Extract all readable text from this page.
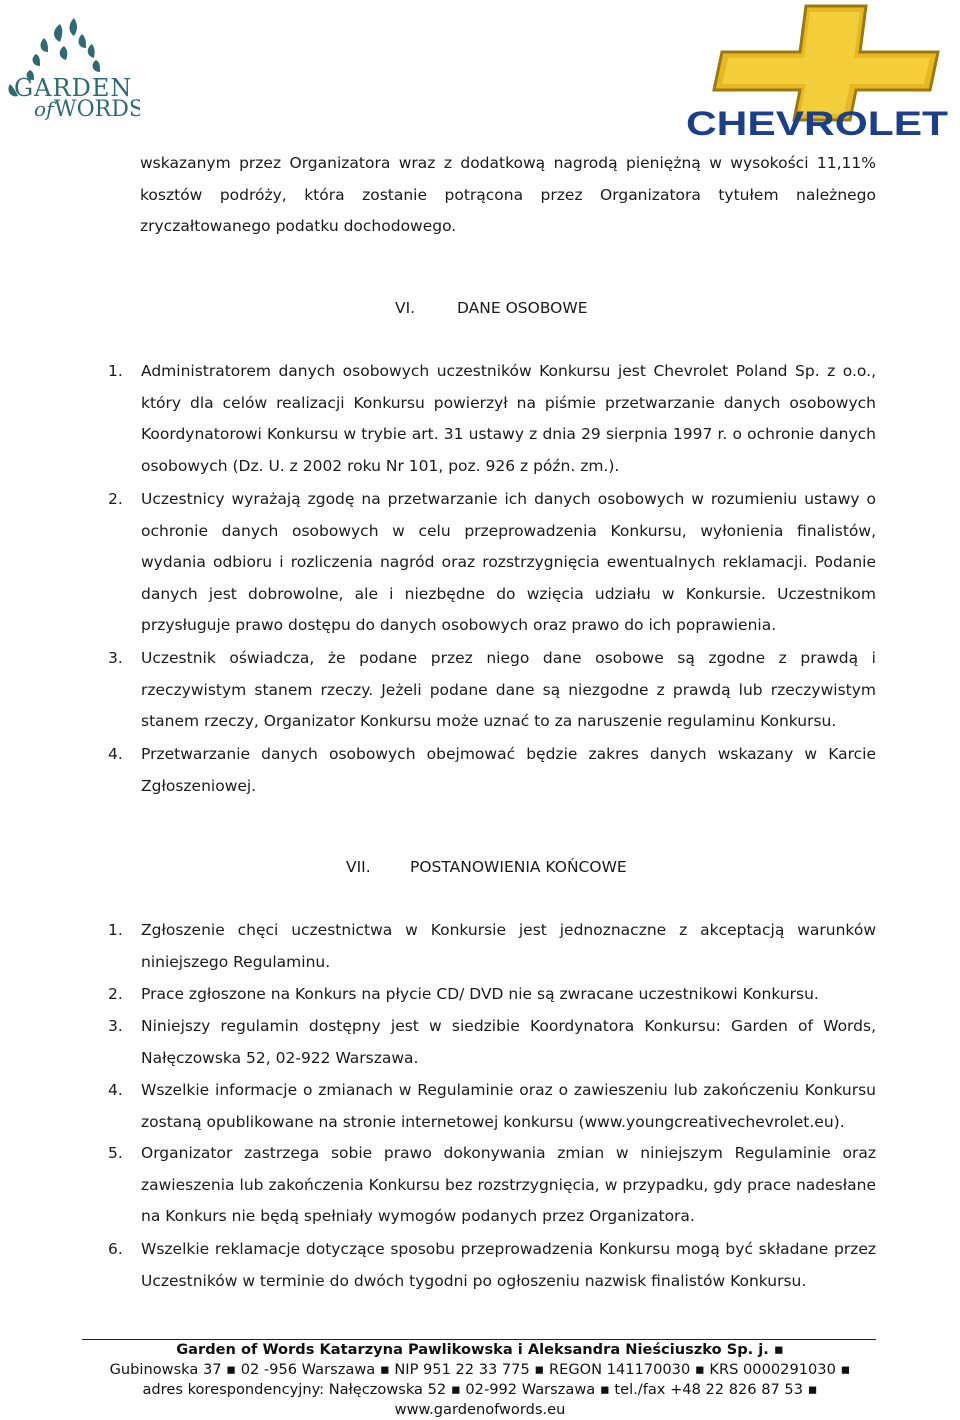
GARDEN
of WORDS	CHEVROLET

wskazanym przez Organizatora wraz z dodatkową nagrodą pieniężną w wysokości 11,11% kosztów podróży, która zostanie potrącona przez Organizatora tytułem należnego zryczałtowanego podatku dochodowego.

VI.	DANE OSOBOWE
1. Administratorem danych osobowych uczestników Konkursu jest Chevrolet Poland Sp. z o.o., który dla celów realizacji Konkursu powierzył na piśmie przetwarzanie danych osobowych Koordynatorowi Konkursu w trybie art. 31 ustawy z dnia 29 sierpnia 1997 r. o ochronie danych osobowych (Dz. U. z 2002 roku Nr 101, poz. 926 z późn. zm.).
2. Uczestnicy wyrażają zgodę na przetwarzanie ich danych osobowych w rozumieniu ustawy o ochronie danych osobowych w celu przeprowadzenia Konkursu, wyłonienia finalistów, wydania odbioru i rozliczenia nagród oraz rozstrzygnięcia ewentualnych reklamacji. Podanie danych jest dobrowolne, ale i niezbędne do wzięcia udziału w Konkursie. Uczestnikom przysługuje prawo dostępu do danych osobowych oraz prawo do ich poprawienia.
3. Uczestnik oświadcza, że podane przez niego dane osobowe są zgodne z prawdą i rzeczywistym stanem rzeczy. Jeżeli podane dane są niezgodne z prawdą lub rzeczywistym stanem rzeczy, Organizator Konkursu może uznać to za naruszenie regulaminu Konkursu.
4. Przetwarzanie danych osobowych obejmować będzie zakres danych wskazany w Karcie Zgłoszeniowej.
VII.	POSTANOWIENIA KOŃCOWE
1. Zgłoszenie chęci uczestnictwa w Konkursie jest jednoznaczne z akceptacją warunków niniejszego Regulaminu.
2. Prace zgłoszone na Konkurs na płycie CD/ DVD nie są zwracane uczestnikowi Konkursu.
3. Niniejszy regulamin dostępny jest w siedzibie Koordynatora Konkursu: Garden of Words, Nałęczowska 52, 02-922 Warszawa.
4. Wszelkie informacje o zmianach w Regulaminie oraz o zawieszeniu lub zakończeniu Konkursu zostaną opublikowane na stronie internetowej konkursu (www.youngcreativechevrolet.eu).
5. Organizator zastrzega sobie prawo dokonywania zmian w niniejszym Regulaminie oraz zawieszenia lub zakończenia Konkursu bez rozstrzygnięcia, w przypadku, gdy prace nadesłane na Konkurs nie będą spełniały wymogów podanych przez Organizatora.
6. Wszelkie reklamacje dotyczące sposobu przeprowadzenia Konkursu mogą być składane przez Uczestników w terminie do dwóch tygodni po ogłoszeniu nazwisk finalistów Konkursu.
Garden of Words Katarzyna Pawlikowska i Aleksandra Nieściuszko Sp. j. ▪
Gubinowska 37 ▪ 02 -956 Warszawa ▪ NIP 951 22 33 775 ▪ REGON 141170030 ▪ KRS 0000291030 ▪
adres korespondencyjny: Nałęczowska 52 ▪ 02-992 Warszawa ▪ tel./fax +48 22 826 87 53 ▪
www.gardenofwords.eu
